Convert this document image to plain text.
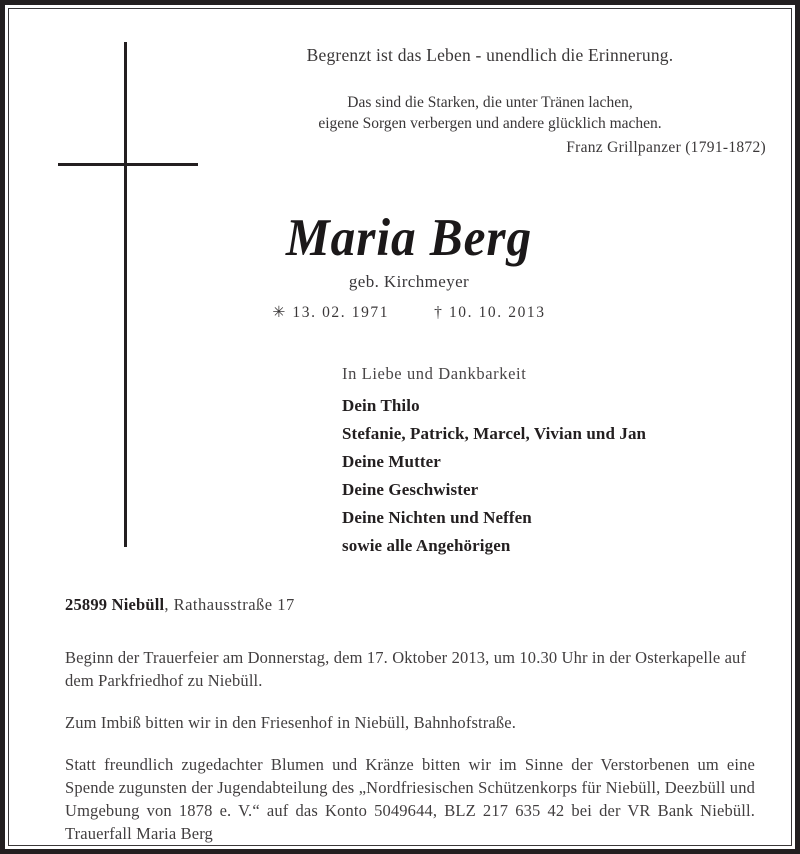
Begrenzt ist das Leben - unendlich die Erinnerung.

Das sind die Starken, die unter Tränen lachen,
eigene Sorgen verbergen und andere glücklich machen.

Franz Grillpanzer (1791-1872)

Maria Berg

geb. Kirchmeyer

✳ 13. 02. 1971	† 10. 10. 2013

In Liebe und Dankbarkeit

Dein Thilo

Stefanie, Patrick, Marcel, Vivian und Jan

Deine Mutter

Deine Geschwister

Deine Nichten und Neffen

sowie alle Angehörigen

25899 Niebüll, Rathausstraße 17

Beginn der Trauerfeier am Donnerstag, dem 17. Oktober 2013, um 10.30 Uhr in der Osterkapelle auf dem Parkfriedhof zu Niebüll.

Zum Imbiß bitten wir in den Friesenhof in Niebüll, Bahnhofstraße.

Statt freundlich zugedachter Blumen und Kränze bitten wir im Sinne der Verstorbenen um eine Spende zugunsten der Jugendabteilung des „Nordfriesischen Schützenkorps für Niebüll, Deezbüll und Umgebung von 1878 e. V.“ auf das Konto 5049644, BLZ 217 635 42 bei der VR Bank Niebüll. Trauerfall Maria Berg
